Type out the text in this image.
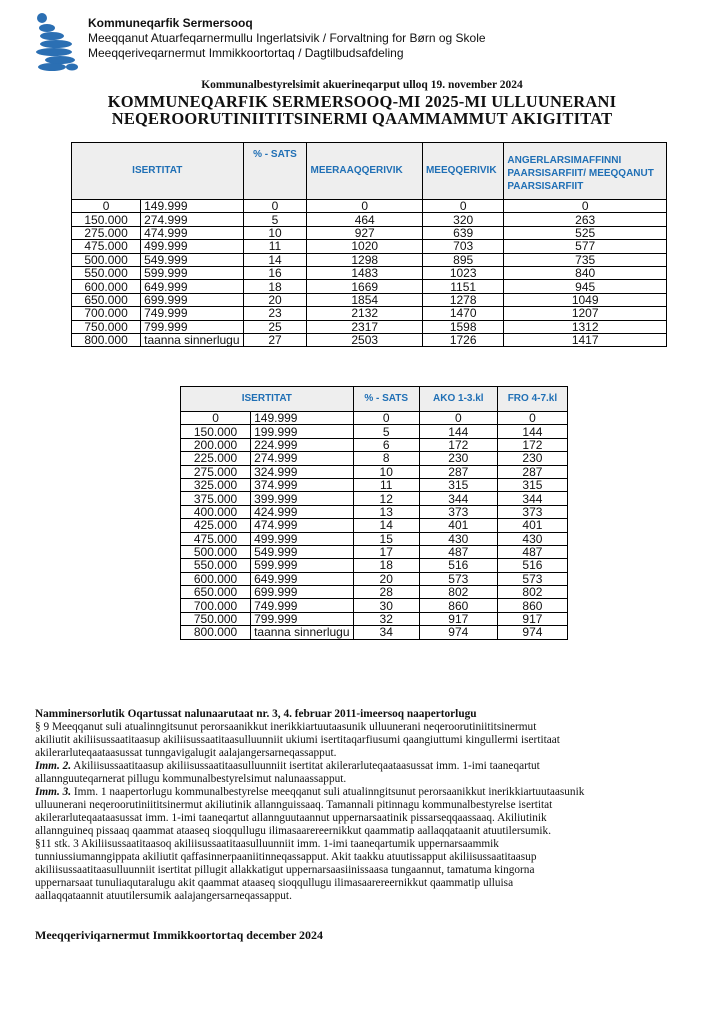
Kommuneqarfik Sermersooq
Meeqqanut Atuarfeqarnermullu Ingerlatsivik / Forvaltning for Børn og Skole
Meeqqeriveqarnermut Immikkoortortaq / Dagtilbudsafdeling
Kommunalbestyrelsimit akuerineqarput ulloq 19. november 2024
KOMMUNEQARFIK SERMERSOOQ-MI 2025-MI ULLUUNERANI
NEQEROORUTINIITITSINERMI QAAMMAMMUT AKIGITITAT
ISERTITAT		% - SATS	MEERAAQQERIVIK	MEEQQERIVIK	ANGERLARSIMAFFINNI
PAARSISARFIIT/ MEEQQANUT
PAARSISARFIIT

0	149.999	0	0	0	0
150.000	274.999	5	464	320	263
275.000	474.999	10	927	639	525
475.000	499.999	11	1020	703	577
500.000	549.999	14	1298	895	735
550.000	599.999	16	1483	1023	840
600.000	649.999	18	1669	1151	945
650.000	699.999	20	1854	1278	1049
700.000	749.999	23	2132	1470	1207
750.000	799.999	25	2317	1598	1312
800.000	taanna sinnerlugu	27	2503	1726	1417
ISERTITAT		% - SATS	AKO 1-3.kl	FRO 4-7.kl
0	149.999	0	0	0
150.000	199.999	5	144	144
200.000	224.999	6	172	172
225.000	274.999	8	230	230
275.000	324.999	10	287	287
325.000	374.999	11	315	315
375.000	399.999	12	344	344
400.000	424.999	13	373	373
425.000	474.999	14	401	401
475.000	499.999	15	430	430
500.000	549.999	17	487	487
550.000	599.999	18	516	516
600.000	649.999	20	573	573
650.000	699.999	28	802	802
700.000	749.999	30	860	860
750.000	799.999	32	917	917
800.000	taanna sinnerlugu	34	974	974

Namminersorlutik Oqartussat nalunaarutaat nr. 3, 4. februar 2011-imeersoq naapertorlugu

§ 9 Meeqqanut suli atualinngitsunut perorsaanikkut inerikkiartuutaasunik ulluunerani neqeroorutiniititsinermut
akiliutit akiliisussaatitaasup akiliisussaatitaasulluunniit ukiumi isertitaqarfiusumi qaangiuttumi kingullermi isertitaat
akilerarluteqaataasussat tunngavigalugit aalajangersarneqassapput.

Imm. 2. Akiliisussaatitaasup akiliisussaatitaasulluunniit isertitat akilerarluteqaataasussat imm. 1-imi taaneqartut
allannguuteqarnerat pillugu kommunalbestyrelsimut nalunaassapput.

Imm. 3. Imm. 1 naapertorlugu kommunalbestyrelse meeqqanut suli atualinngitsunut perorsaanikkut inerikkiartuutaasunik
ulluunerani neqeroorutiniititsinermut akiliutinik allannguissaaq. Tamannali pitinnagu kommunalbestyrelse isertitat
akilerarluteqaataasussat imm. 1-imi taaneqartut allannguutaannut uppernarsaatinik pissarseqqaassaaq. Akiliutinik
allannguineq pissaaq qaammat ataaseq sioqqullugu ilimasaarereernikkut qaammatip aallaqqataanit atuutilersumik.

§11 stk. 3 Akiliisussaatitaasoq akiliisussaatitaasulluunniit imm. 1-imi taaneqartumik uppernarsaammik
tunniussiumanngippata akiliutit qaffasinnerpaaniitinneqassapput. Akit taakku atuutissapput akiliisussaatitaasup
akiliisussaatitaasulluunniit isertitat pillugit allakkatigut uppernarsaasiinissaasa tungaannut, tamatuma kingorna
uppernarsaat tunuliaqutaralugu akit qaammat ataaseq sioqqullugu ilimasaarereernikkut qaammatip ulluisa
aallaqqataannit atuutilersumik aalajangersarneqassapput.

Meeqqeriviqarnermut Immikkoortortaq december 2024
